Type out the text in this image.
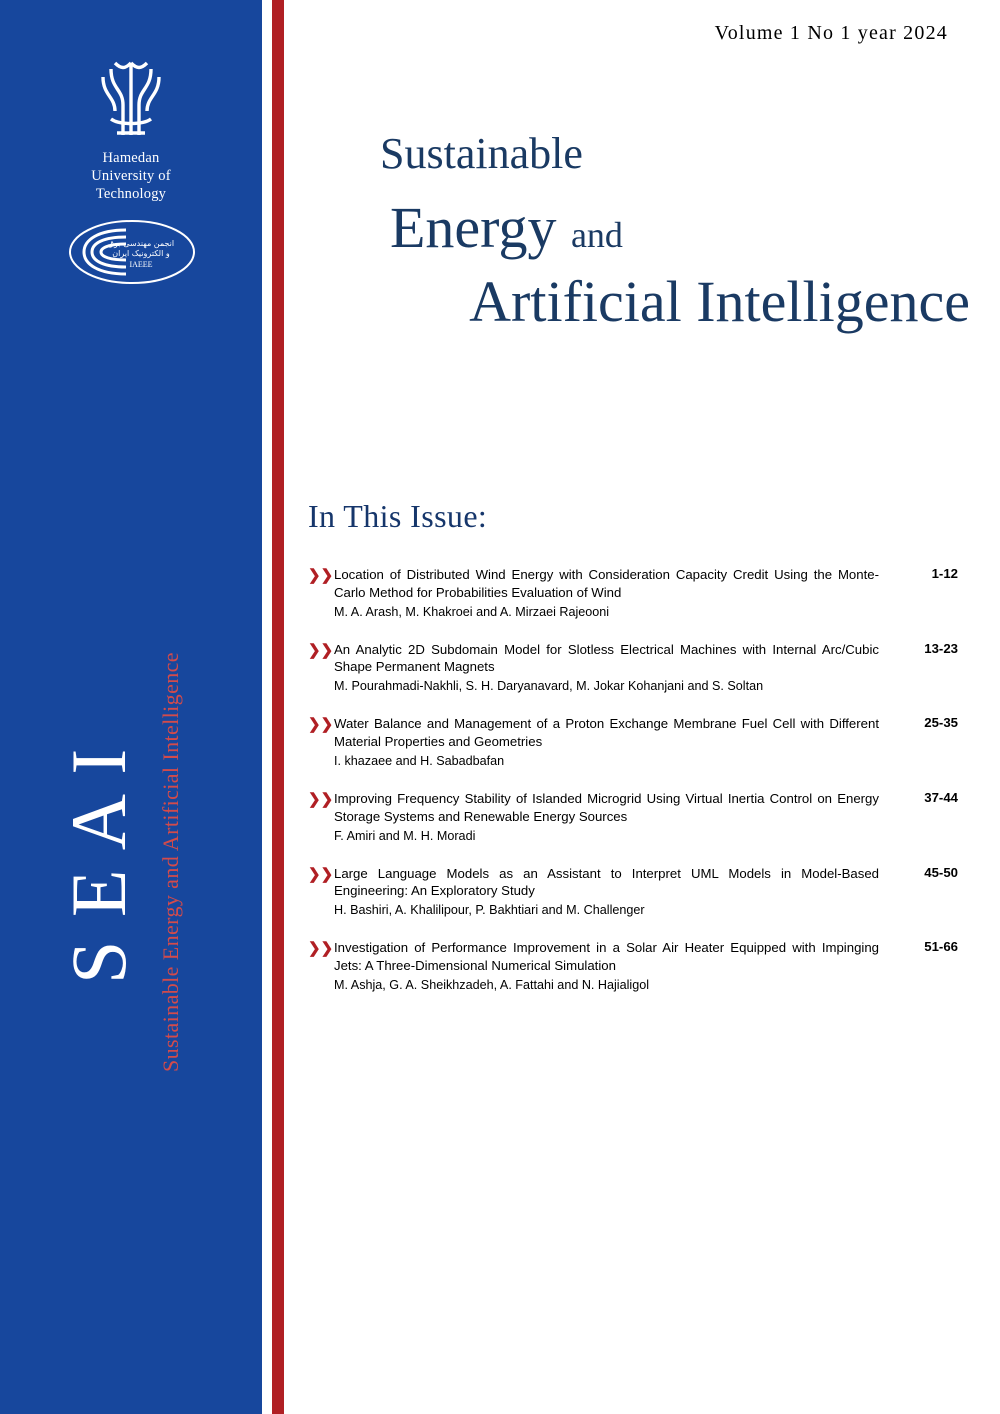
Hamedan
University of Technology
انجمن مهندسی برق
و الکترونیک ایران
IAEEE
S E A I Sustainable Energy and Artificial Intelligence
Volume 1 No 1 year 2024
Sustainable
Energy and
Artificial Intelligence
In This Issue:
❯❯ Location of Distributed Wind Energy with Consideration Capacity Credit Using the Monte-Carlo Method for Probabilities Evaluation of Wind

M. A. Arash, M. Khakroei and A. Mirzaei Rajeooni

1-12
❯❯ An Analytic 2D Subdomain Model for Slotless Electrical Machines with Internal Arc/Cubic Shape Permanent Magnets

M. Pourahmadi-Nakhli, S. H. Daryanavard, M. Jokar Kohanjani and S. Soltan

13-23
❯❯ Water Balance and Management of a Proton Exchange Membrane Fuel Cell with Different Material Properties and Geometries

I. khazaee and H. Sabadbafan

25-35
❯❯ Improving Frequency Stability of Islanded Microgrid Using Virtual Inertia Control on Energy Storage Systems and Renewable Energy Sources

F. Amiri and M. H. Moradi

37-44
❯❯ Large Language Models as an Assistant to Interpret UML Models in Model-Based Engineering: An Exploratory Study

H. Bashiri, A. Khalilipour, P. Bakhtiari and M. Challenger

45-50
❯❯ Investigation of Performance Improvement in a Solar Air Heater Equipped with Impinging Jets: A Three-Dimensional Numerical Simulation

M. Ashja, G. A. Sheikhzadeh, A. Fattahi and N. Hajialigol

51-66
